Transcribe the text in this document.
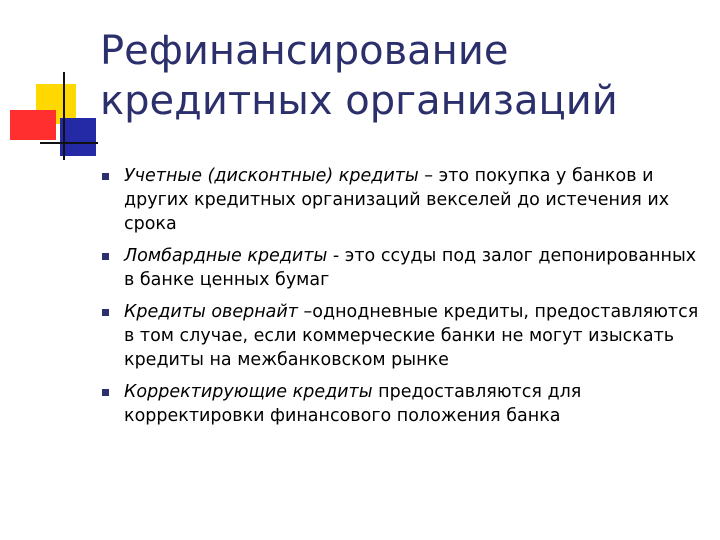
Рефинансирование
кредитных организаций
Учетные (дисконтные) кредиты – это покупка у банков и других кредитных организаций векселей до истечения их срока
Ломбардные кредиты - это ссуды под залог депонированных в банке ценных бумаг
Кредиты овернайт –однодневные кредиты, предоставляются в том случае, если коммерческие банки не могут изыскать кредиты на межбанковском рынке
Корректирующие кредиты предоставляются для корректировки финансового положения банка
